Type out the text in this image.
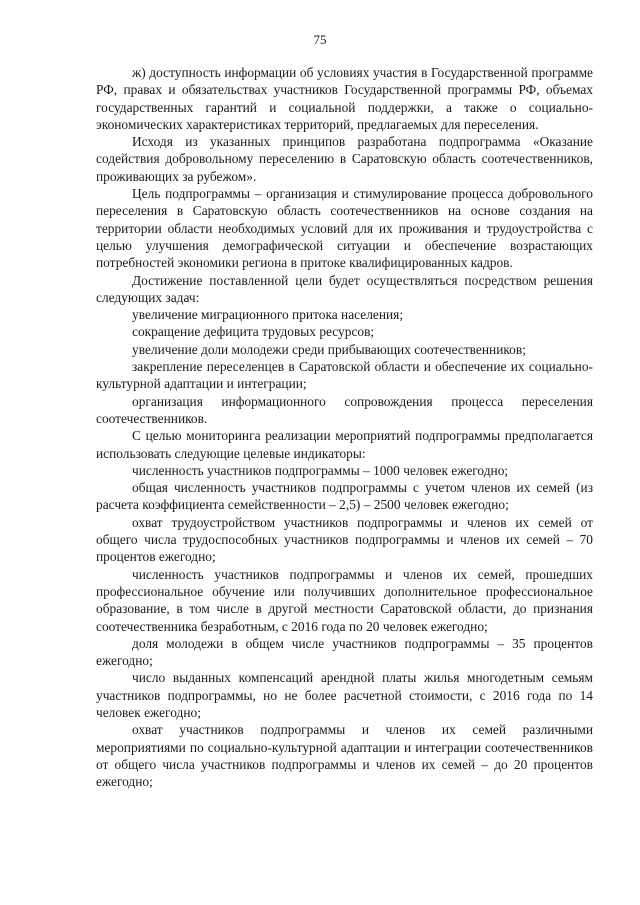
75

ж) доступность информации об условиях участия в Государственной программе РФ, правах и обязательствах участников Государственной программы РФ, объемах государственных гарантий и социальной поддержки, а также о социально-экономических характеристиках территорий, предлагаемых для переселения.

Исходя из указанных принципов разработана подпрограмма «Оказание содействия добровольному переселению в Саратовскую область соотечественников, проживающих за рубежом».

Цель подпрограммы – организация и стимулирование процесса добровольного переселения в Саратовскую область соотечественников на основе создания на территории области необходимых условий для их проживания и трудоустройства с целью улучшения демографической ситуации и обеспечение возрастающих потребностей экономики региона в притоке квалифицированных кадров.

Достижение поставленной цели будет осуществляться посредством решения следующих задач:

увеличение миграционного притока населения;

сокращение дефицита трудовых ресурсов;

увеличение доли молодежи среди прибывающих соотечественников;

закрепление переселенцев в Саратовской области и обеспечение их социально-культурной адаптации и интеграции;

организация информационного сопровождения процесса переселения соотечественников.

С целью мониторинга реализации мероприятий подпрограммы предполагается использовать следующие целевые индикаторы:

численность участников подпрограммы – 1000 человек ежегодно;

общая численность участников подпрограммы с учетом членов их семей (из расчета коэффициента семейственности – 2,5) – 2500 человек ежегодно;

охват трудоустройством участников подпрограммы и членов их семей от общего числа трудоспособных участников подпрограммы и членов их семей – 70 процентов ежегодно;

численность участников подпрограммы и членов их семей, прошедших профессиональное обучение или получивших дополнительное профессиональное образование, в том числе в другой местности Саратовской области, до признания соотечественника безработным, с 2016 года по 20 человек ежегодно;

доля молодежи в общем числе участников подпрограммы – 35 процентов ежегодно;

число выданных компенсаций арендной платы жилья многодетным семьям участников подпрограммы, но не более расчетной стоимости, с 2016 года по 14 человек ежегодно;

охват участников подпрограммы и членов их семей различными мероприятиями по социально-культурной адаптации и интеграции соотечественников от общего числа участников подпрограммы и членов их семей – до 20 процентов ежегодно;
